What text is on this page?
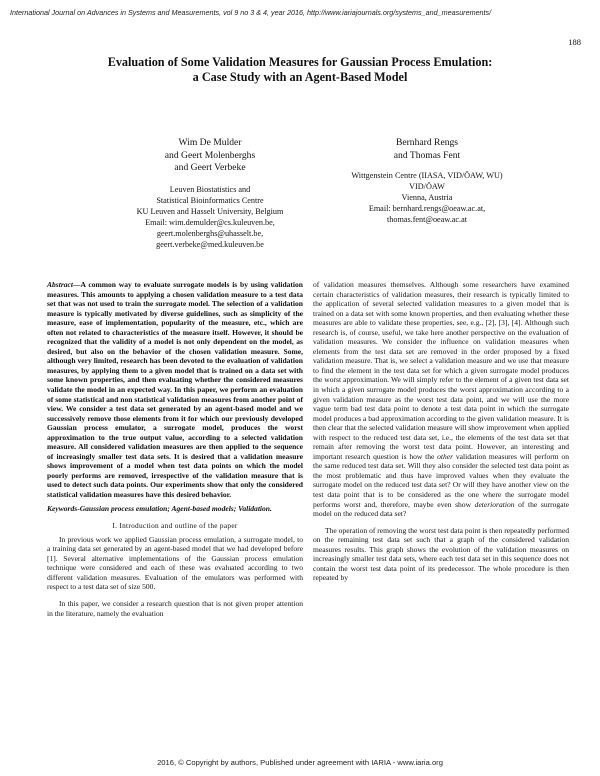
International Journal on Advances in Systems and Measurements, vol 9 no 3 & 4, year 2016, http://www.iariajournals.org/systems_and_measurements/
188
Evaluation of Some Validation Measures for Gaussian Process Emulation:
a Case Study with an Agent-Based Model
Wim De Mulder
and Geert Molenberghs
and Geert Verbeke
Leuven Biostatistics and
Statistical Bioinformatics Centre
KU Leuven and Hasselt University, Belgium
Email: wim.demulder@cs.kuleuven.be,
geert.molenberghs@uhasselt.be,
geert.verbeke@med.kuleuven.be
Bernhard Rengs
and Thomas Fent
Wittgenstein Centre (IIASA, VID/ÖAW, WU)
VID/ÖAW
Vienna, Austria
Email: bernhard.rengs@oeaw.ac.at,
thomas.fent@oeaw.ac.at

Abstract—A common way to evaluate surrogate models is by using validation measures. This amounts to applying a chosen validation measure to a test data set that was not used to train the surrogate model. The selection of a validation measure is typically motivated by diverse guidelines, such as simplicity of the measure, ease of implementation, popularity of the measure, etc., which are often not related to characteristics of the measure itself. However, it should be recognized that the validity of a model is not only dependent on the model, as desired, but also on the behavior of the chosen validation measure. Some, although very limited, research has been devoted to the evaluation of validation measures, by applying them to a given model that is trained on a data set with some known properties, and then evaluating whether the considered measures validate the model in an expected way. In this paper, we perform an evaluation of some statistical and non statistical validation measures from another point of view. We consider a test data set generated by an agent-based model and we successively remove those elements from it for which our previously developed Gaussian process emulator, a surrogate model, produces the worst approximation to the true output value, according to a selected validation measure. All considered validation measures are then applied to the sequence of increasingly smaller test data sets. It is desired that a validation measure shows improvement of a model when test data points on which the model poorly performs are removed, irrespective of the validation measure that is used to detect such data points. Our experiments show that only the considered statistical validation measures have this desired behavior.

Keywords-Gaussian process emulation; Agent-based models; Validation.

I. Introduction and outline of the paper

In previous work we applied Gaussian process emulation, a surrogate model, to a training data set generated by an agent-based model that we had developed before [1]. Several alternative implementations of the Gaussian process emulation technique were considered and each of these was evaluated according to two different validation measures. Evaluation of the emulators was performed with respect to a test data set of size 500.

In this paper, we consider a research question that is not given proper attention in the literature, namely the evaluation

of validation measures themselves. Although some researchers have examined certain characteristics of validation measures, their research is typically limited to the application of several selected validation measures to a given model that is trained on a data set with some known properties, and then evaluating whether these measures are able to validate these properties, see, e.g., [2], [3], [4]. Although such research is, of course, useful, we take here another perspective on the evaluation of validation measures. We consider the influence on validation measures when elements from the test data set are removed in the order proposed by a fixed validation measure. That is, we select a validation measure and we use that measure to find the element in the test data set for which a given surrogate model produces the worst approximation. We will simply refer to the element of a given test data set in which a given surrogate model produces the worst approximation according to a given validation measure as the worst test data point, and we will use the more vague term bad test data point to denote a test data point in which the surrogate model produces a bad approximation according to the given validation measure. It is then clear that the selected validation measure will show improvement when applied with respect to the reduced test data set, i.e., the elements of the test data set that remain after removing the worst test data point. However, an interesting and important research question is how the other validation measures will perform on the same reduced test data set. Will they also consider the selected test data point as the most problematic and thus have improved values when they evaluate the surrogate model on the reduced test data set? Or will they have another view on the test data point that is to be considered as the one where the surrogate model performs worst and, therefore, maybe even show deterioration of the surrogate model on the reduced data set?

The operation of removing the worst test data point is then repeatedly performed on the remaining test data set such that a graph of the considered validation measures results. This graph shows the evolution of the validation measures on increasingly smaller test data sets, where each test data set in this sequence does not contain the worst test data point of its predecessor. The whole procedure is then repeated by

2016, © Copyright by authors, Published under agreement with IARIA - www.iaria.org
